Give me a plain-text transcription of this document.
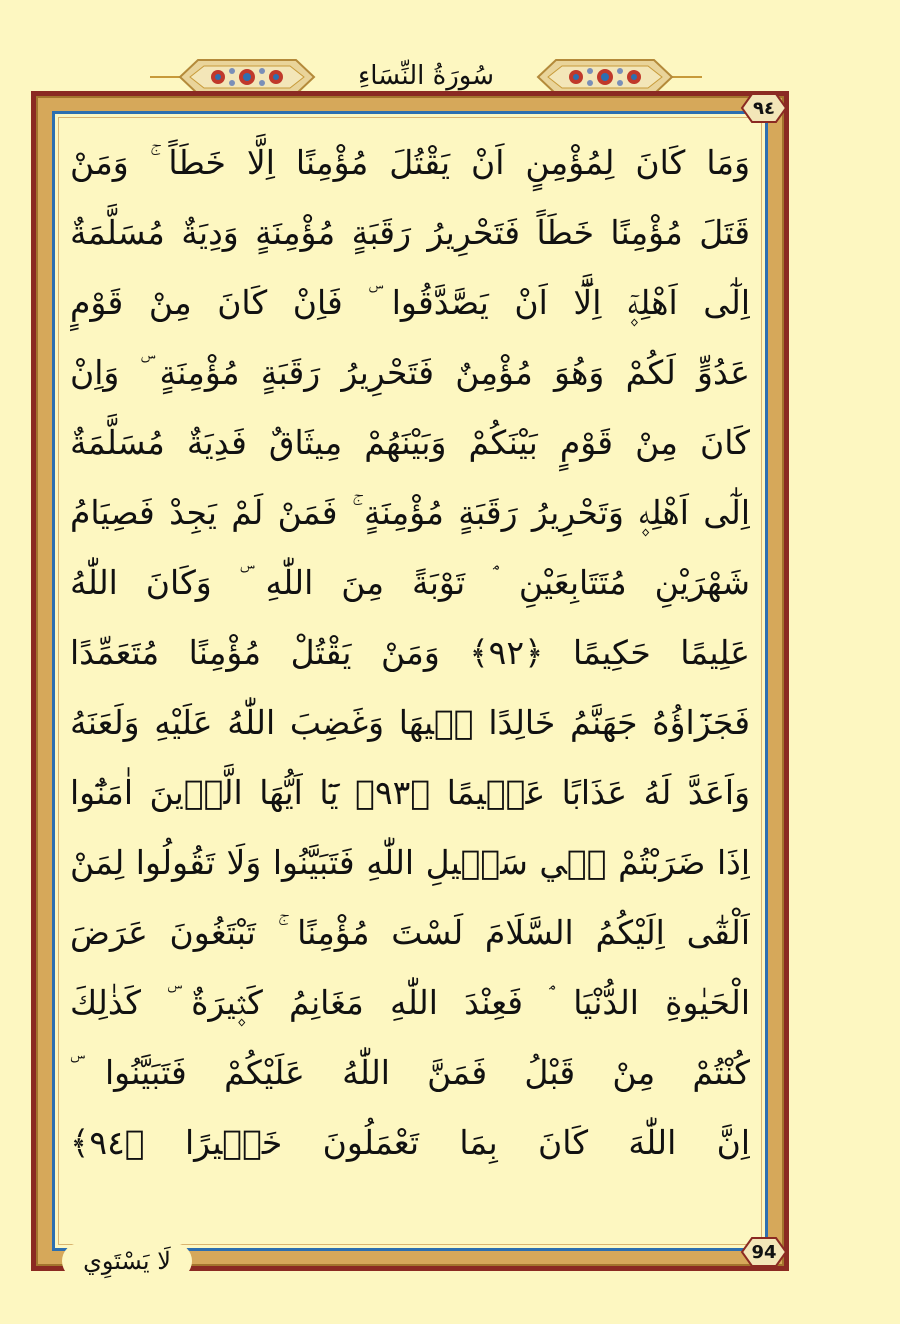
سُورَةُ النِّسَاءِ
٩٤
وَمَا كَانَ لِمُؤْمِنٍ اَنْ يَقْتُلَ مُؤْمِنًا اِلَّا خَطَاً ۚ وَمَنْ
قَتَلَ مُؤْمِنًا خَطَاً فَتَحْرِيرُ رَقَبَةٍ مُؤْمِنَةٍ وَدِيَةٌ مُسَلَّمَةٌ
اِلٰٓى اَهْلِه۪ٓ اِلَّٓا اَنْ يَصَّدَّقُوا ۜ فَاِنْ كَانَ مِنْ قَوْمٍ
عَدُوٍّ لَكُمْ وَهُوَ مُؤْمِنٌ فَتَحْرِيرُ رَقَبَةٍ مُؤْمِنَةٍ ۜ وَاِنْ
كَانَ مِنْ قَوْمٍ بَيْنَكُمْ وَبَيْنَهُمْ مِيثَاقٌ فَدِيَةٌ مُسَلَّمَةٌ
اِلٰٓى اَهْلِه۪ وَتَحْرِيرُ رَقَبَةٍ مُؤْمِنَةٍ ۚ فَمَنْ لَمْ يَجِدْ فَصِيَامُ
شَهْرَيْنِ مُتَتَابِعَيْنِ ۘ تَوْبَةً مِنَ اللّٰهِ ۜ وَكَانَ اللّٰهُ
عَلِيمًا حَكِيمًا ﴿٩٢﴾ وَمَنْ يَقْتُلْ مُؤْمِنًا مُتَعَمِّدًا
فَجَزَٓاؤُهُ جَهَنَّمُ خَالِدًا ف۪يهَا وَغَضِبَ اللّٰهُ عَلَيْهِ وَلَعَنَهُ
وَاَعَدَّ لَهُ عَذَابًا عَظ۪يمًا ﴿٩٣﴾ يَٓا اَيُّهَا الَّذ۪ينَ اٰمَنُٓوا
اِذَا ضَرَبْتُمْ ف۪ي سَب۪يلِ اللّٰهِ فَتَبَيَّنُوا وَلَا تَقُولُوا لِمَنْ
اَلْقٰٓى اِلَيْكُمُ السَّلَامَ لَسْتَ مُؤْمِنًا ۚ تَبْتَغُونَ عَرَضَ
الْحَيٰوةِ الدُّنْيَا ۘ فَعِنْدَ اللّٰهِ مَغَانِمُ كَث۪يرَةٌ ۜ كَذٰلِكَ
كُنْتُمْ مِنْ قَبْلُ فَمَنَّ اللّٰهُ عَلَيْكُمْ فَتَبَيَّنُوا ۜ
اِنَّ اللّٰهَ كَانَ بِمَا تَعْمَلُونَ خَب۪يرًا ﴿٩٤﴾
94
لَا يَسْتَوِي
